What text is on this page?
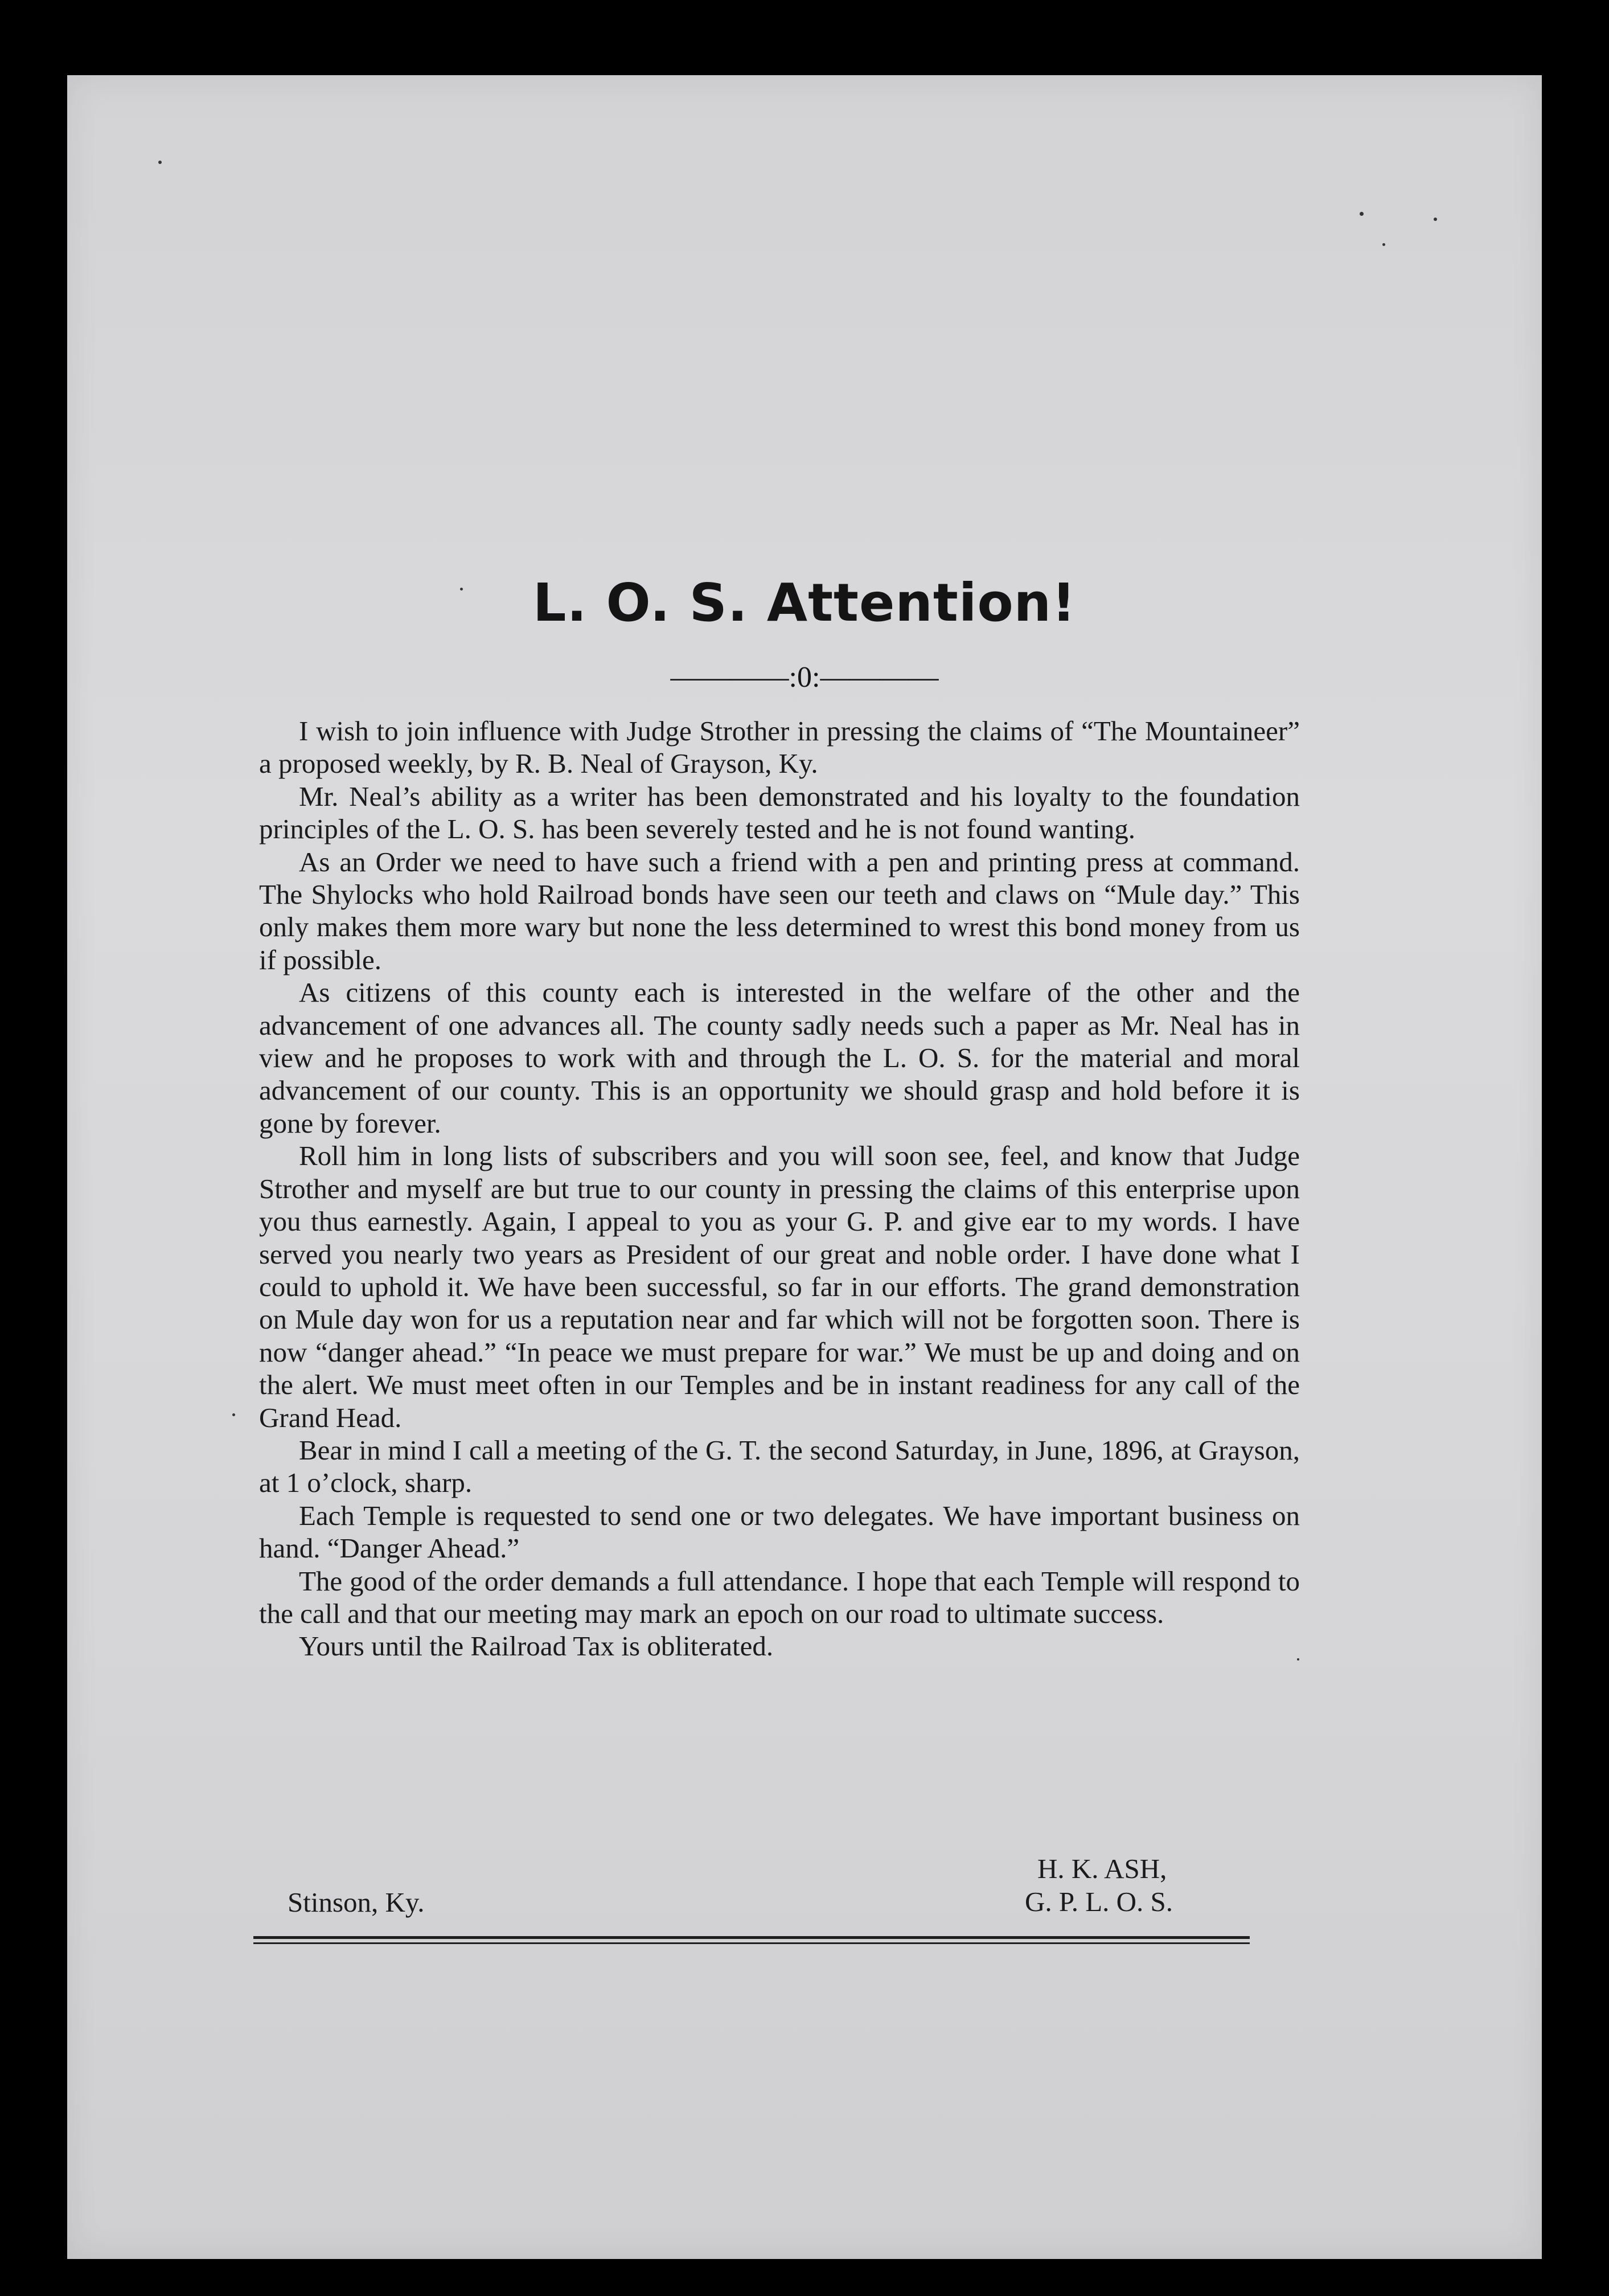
L. O. S. Attention!
————:0:————

I wish to join influence with Judge Strother in pressing the claims of “The Mountaineer” a proposed weekly, by R. B. Neal of Grayson, Ky.

Mr. Neal’s ability as a writer has been demonstrated and his loyalty to the foundation principles of the L. O. S. has been severely tested and he is not found wanting.

As an Order we need to have such a friend with a pen and printing press at command. The Shylocks who hold Railroad bonds have seen our teeth and claws on “Mule day.” This only makes them more wary but none the less determined to wrest this bond money from us if possible.

As citizens of this county each is interested in the welfare of the other and the advancement of one advances all. The county sadly needs such a paper as Mr. Neal has in view and he proposes to work with and through the L. O. S. for the material and moral advancement of our county. This is an opportunity we should grasp and hold before it is gone by forever.

Roll him in long lists of subscribers and you will soon see, feel, and know that Judge Strother and myself are but true to our county in pressing the claims of this enterprise upon you thus earnestly. Again, I appeal to you as your G. P. and give ear to my words. I have served you nearly two years as President of our great and noble order. I have done what I could to uphold it. We have been successful, so far in our efforts. The grand demonstration on Mule day won for us a reputation near and far which will not be forgotten soon. There is now “danger ahead.” “In peace we must prepare for war.” We must be up and doing and on the alert. We must meet often in our Temples and be in instant readiness for any call of the Grand Head.

Bear in mind I call a meeting of the G. T. the second Saturday, in June, 1896, at Grayson, at 1 o’clock, sharp.

Each Temple is requested to send one or two delegates. We have important business on hand. “Danger Ahead.”

The good of the order demands a full attendance. I hope that each Temple will respond to the call and that our meeting may mark an epoch on our road to ultimate success.

Yours until the Railroad Tax is obliterated.

H. K. ASH,
G. P. L. O. S.
Stinson, Ky.
